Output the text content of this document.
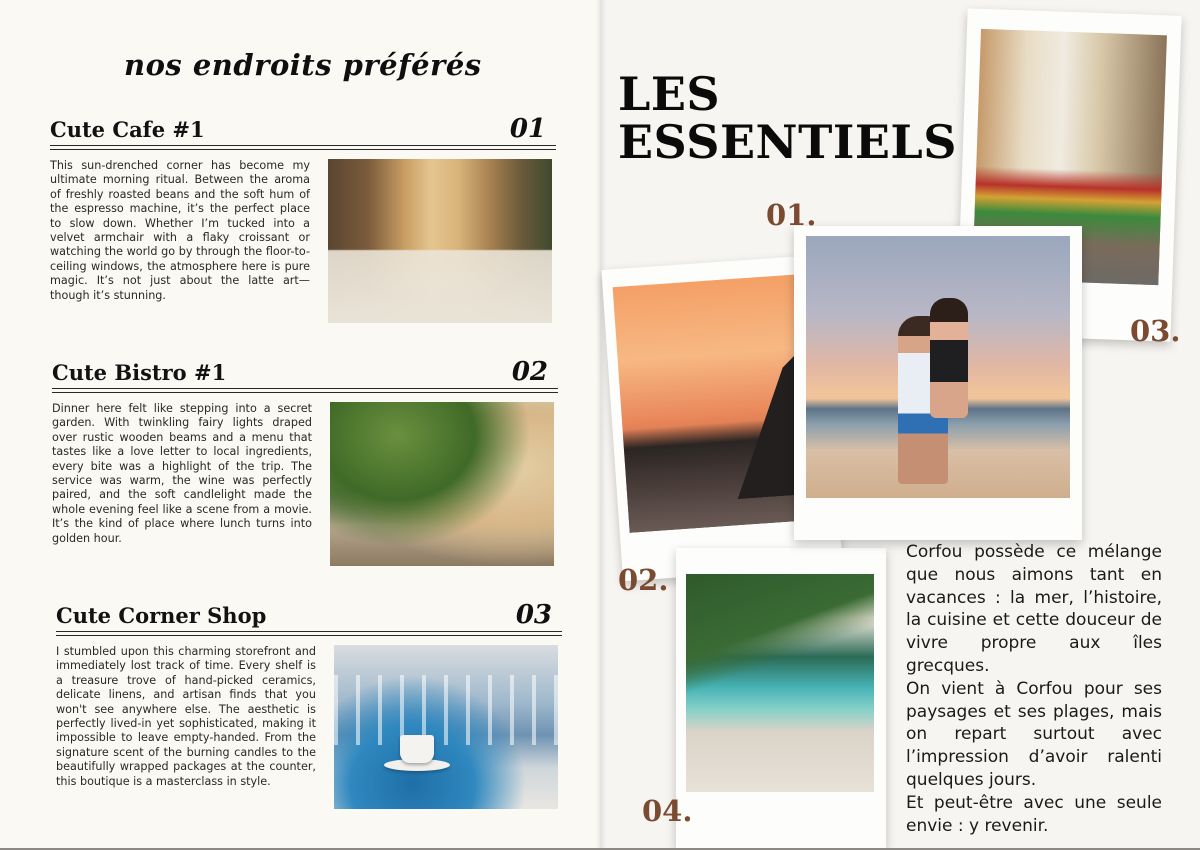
nos endroits préférés
Cute Cafe #1	01

This sun-drenched corner has become my ultimate morning ritual. Between the aroma of freshly roasted beans and the soft hum of the espresso machine, it’s the perfect place to slow down. Whether I’m tucked into a velvet armchair with a flaky croissant or watching the world go by through the floor-to-ceiling windows, the atmosphere here is pure magic. It’s not just about the latte art—though it’s stunning.

Cute Bistro #1	02

Dinner here felt like stepping into a secret garden. With twinkling fairy lights draped over rustic wooden beams and a menu that tastes like a love letter to local ingredients, every bite was a highlight of the trip. The service was warm, the wine was perfectly paired, and the soft candlelight made the whole evening feel like a scene from a movie. It’s the kind of place where lunch turns into golden hour.

Cute Corner Shop	03

I stumbled upon this charming storefront and immediately lost track of time. Every shelf is a treasure trove of hand-picked ceramics, delicate linens, and artisan finds that you won't see anywhere else. The aesthetic is perfectly lived-in yet sophisticated, making it impossible to leave empty-handed. From the signature scent of the burning candles to the beautifully wrapped packages at the counter, this boutique is a masterclass in style.

LES
ESSENTIELS
01.
02.
03.
04.

Corfou possède ce mélange que nous aimons tant en vacances : la mer, l’histoire, la cuisine et cette douceur de vivre propre aux îles grecques.

On vient à Corfou pour ses paysages et ses plages, mais on repart surtout avec l’impression d’avoir ralenti quelques jours.

Et peut-être avec une seule envie : y revenir.
